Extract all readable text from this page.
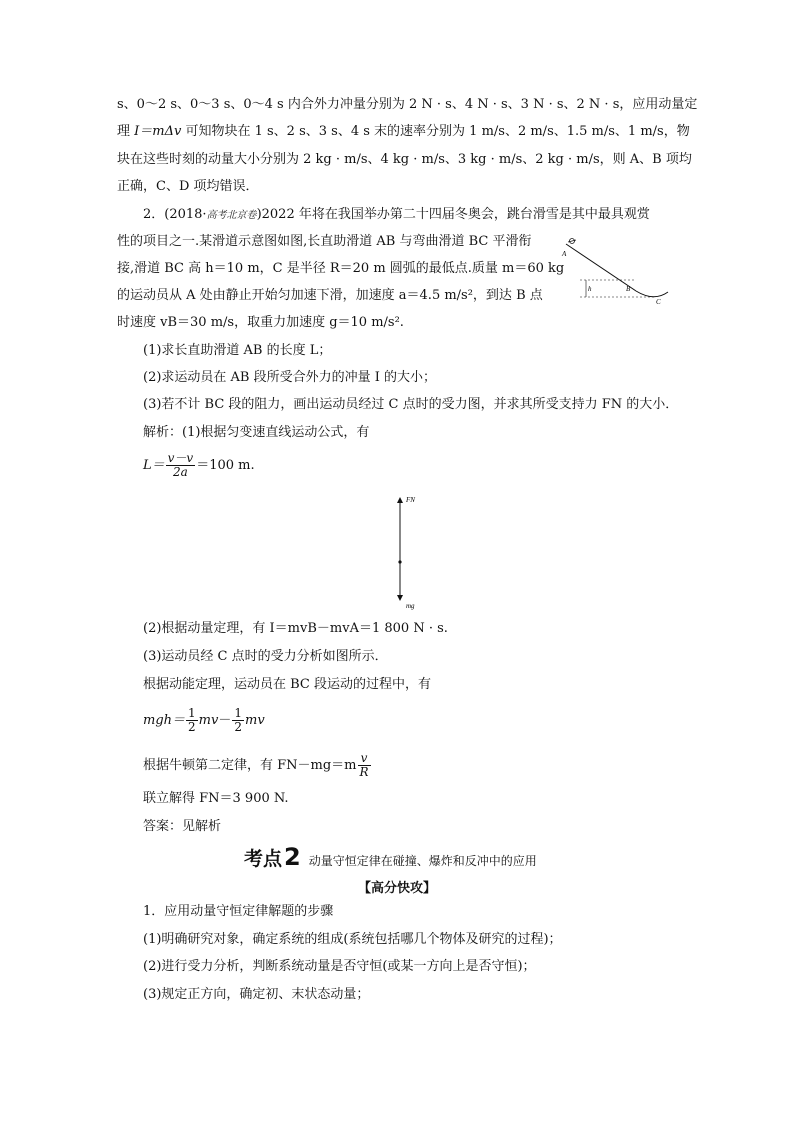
s、0～2 s、0～3 s、0～4 s 内合外力冲量分别为 2 N · s、4 N · s、3 N · s、2 N · s，应用动量定
理 I＝mΔv 可知物块在 1 s、2 s、3 s、4 s 末的速率分别为 1 m/s、2 m/s、1.5 m/s、1 m/s，物
块在这些时刻的动量大小分别为 2 kg · m/s、4 kg · m/s、3 kg · m/s、2 kg · m/s，则 A、B 项均
正确，C、D 项均错误．
2．(2018·高考北京卷)2022 年将在我国举办第二十四届冬奥会，跳台滑雪是其中最具观赏
性的项目之一.某滑道示意图如图,长直助滑道 AB 与弯曲滑道 BC 平滑衔
接,滑道 BC 高 h＝10 m，C 是半径 R＝20 m 圆弧的最低点.质量 m＝60 kg
的运动员从 A 处由静止开始匀加速下滑，加速度 a＝4.5 m/s²，到达 B 点
时速度 vB＝30 m/s，取重力加速度 g＝10 m/s².
A
h	B
C
(1)求长直助滑道 AB 的长度 L；
(2)求运动员在 AB 段所受合外力的冲量 I 的大小；
(3)若不计 BC 段的阻力，画出运动员经过 C 点时的受力图，并求其所受支持力 FN 的大小．
解析：(1)根据匀变速直线运动公式，有
$L= \frac{v-v}{2a} =100$ m.
FN
mg
(2)根据动量定理，有 I＝mvB－mvA＝1 800 N · s.
(3)运动员经 C 点时的受力分析如图所示．
根据动能定理，运动员在 BC 段运动的过程中，有
$mgh= \frac{1}{2} mv- \frac{1}{2}$ mv
根据牛顿第二定律，有 $FN-mg=m \frac{v}{R}$
联立解得 FN＝3 900 N.
答案：见解析
考点2 动量守恒定律在碰撞、爆炸和反冲中的应用
【高分快攻】
1．应用动量守恒定律解题的步骤
(1)明确研究对象，确定系统的组成(系统包括哪几个物体及研究的过程)；
(2)进行受力分析，判断系统动量是否守恒(或某一方向上是否守恒)；
(3)规定正方向，确定初、末状态动量；
